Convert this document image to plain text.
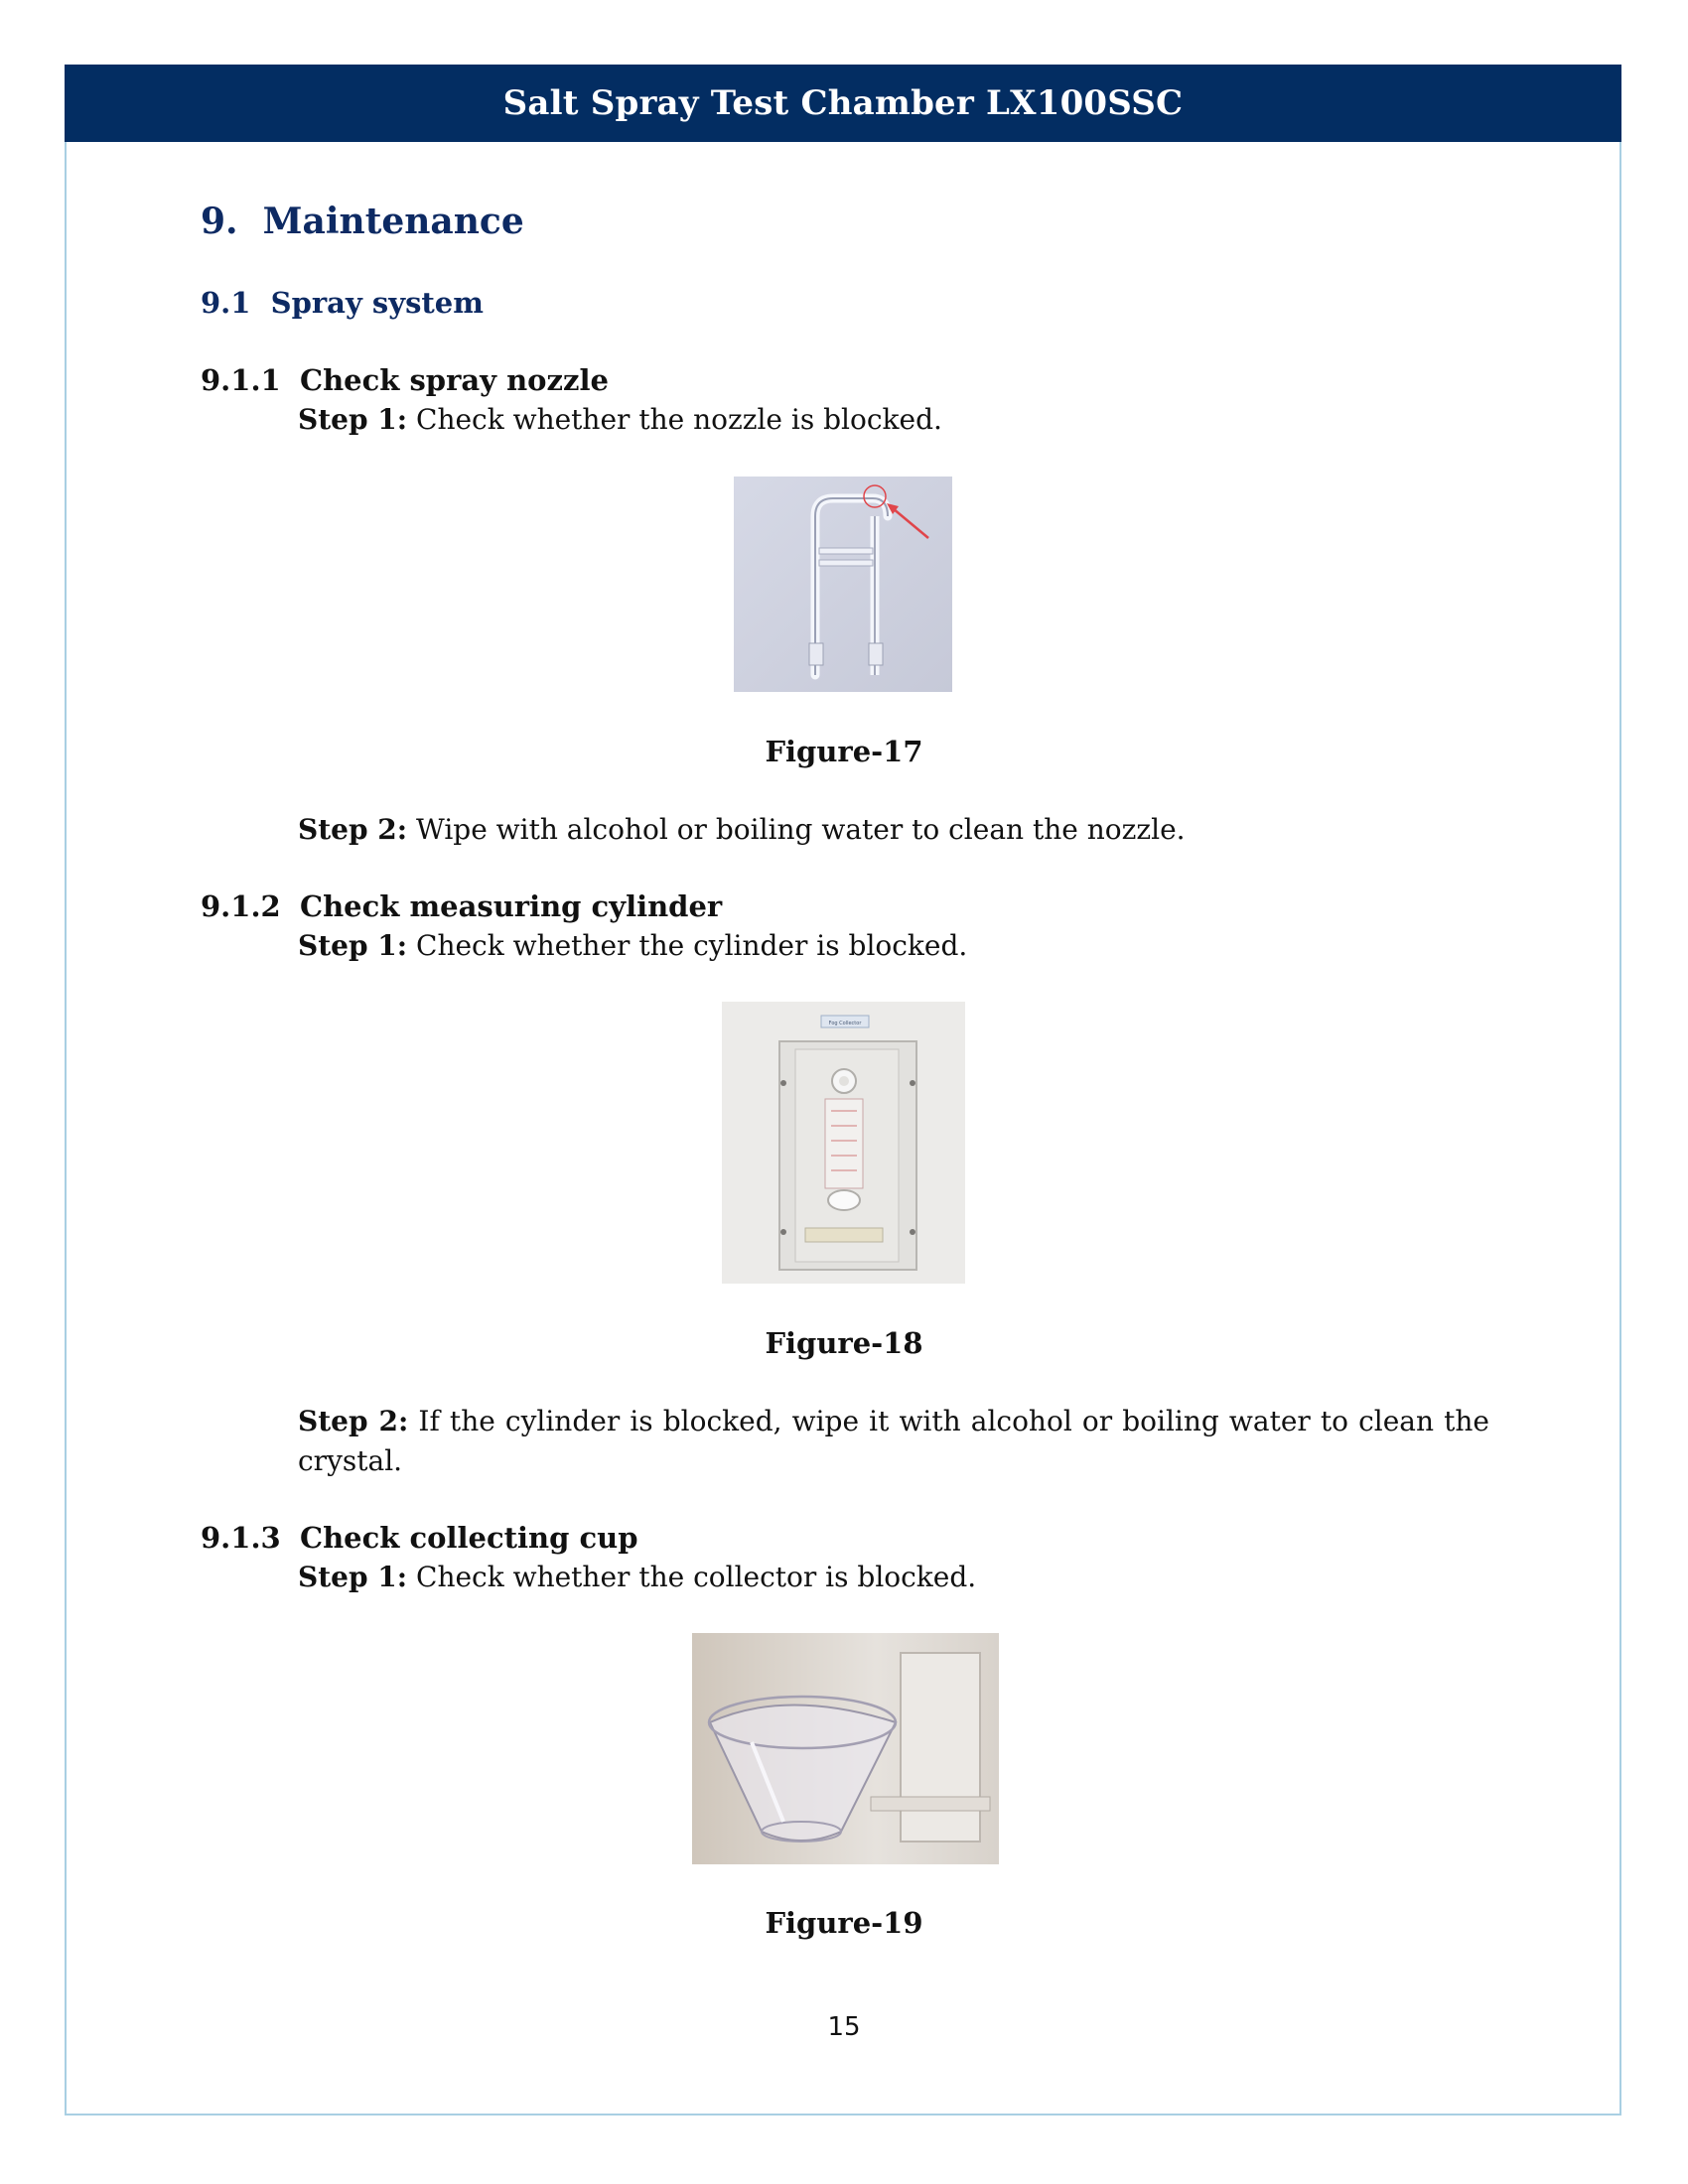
Salt Spray Test Chamber LX100SSC
9. Maintenance
9.1 Spray system
9.1.1 Check spray nozzle
Step 1: Check whether the nozzle is blocked.
Figure-17
Step 2: Wipe with alcohol or boiling water to clean the nozzle.
9.1.2 Check measuring cylinder
Step 1: Check whether the cylinder is blocked.
Fog Collector
Figure-18
Step 2: If the cylinder is blocked, wipe it with alcohol or boiling water to clean the crystal.
9.1.3 Check collecting cup
Step 1: Check whether the collector is blocked.
Figure-19
15
